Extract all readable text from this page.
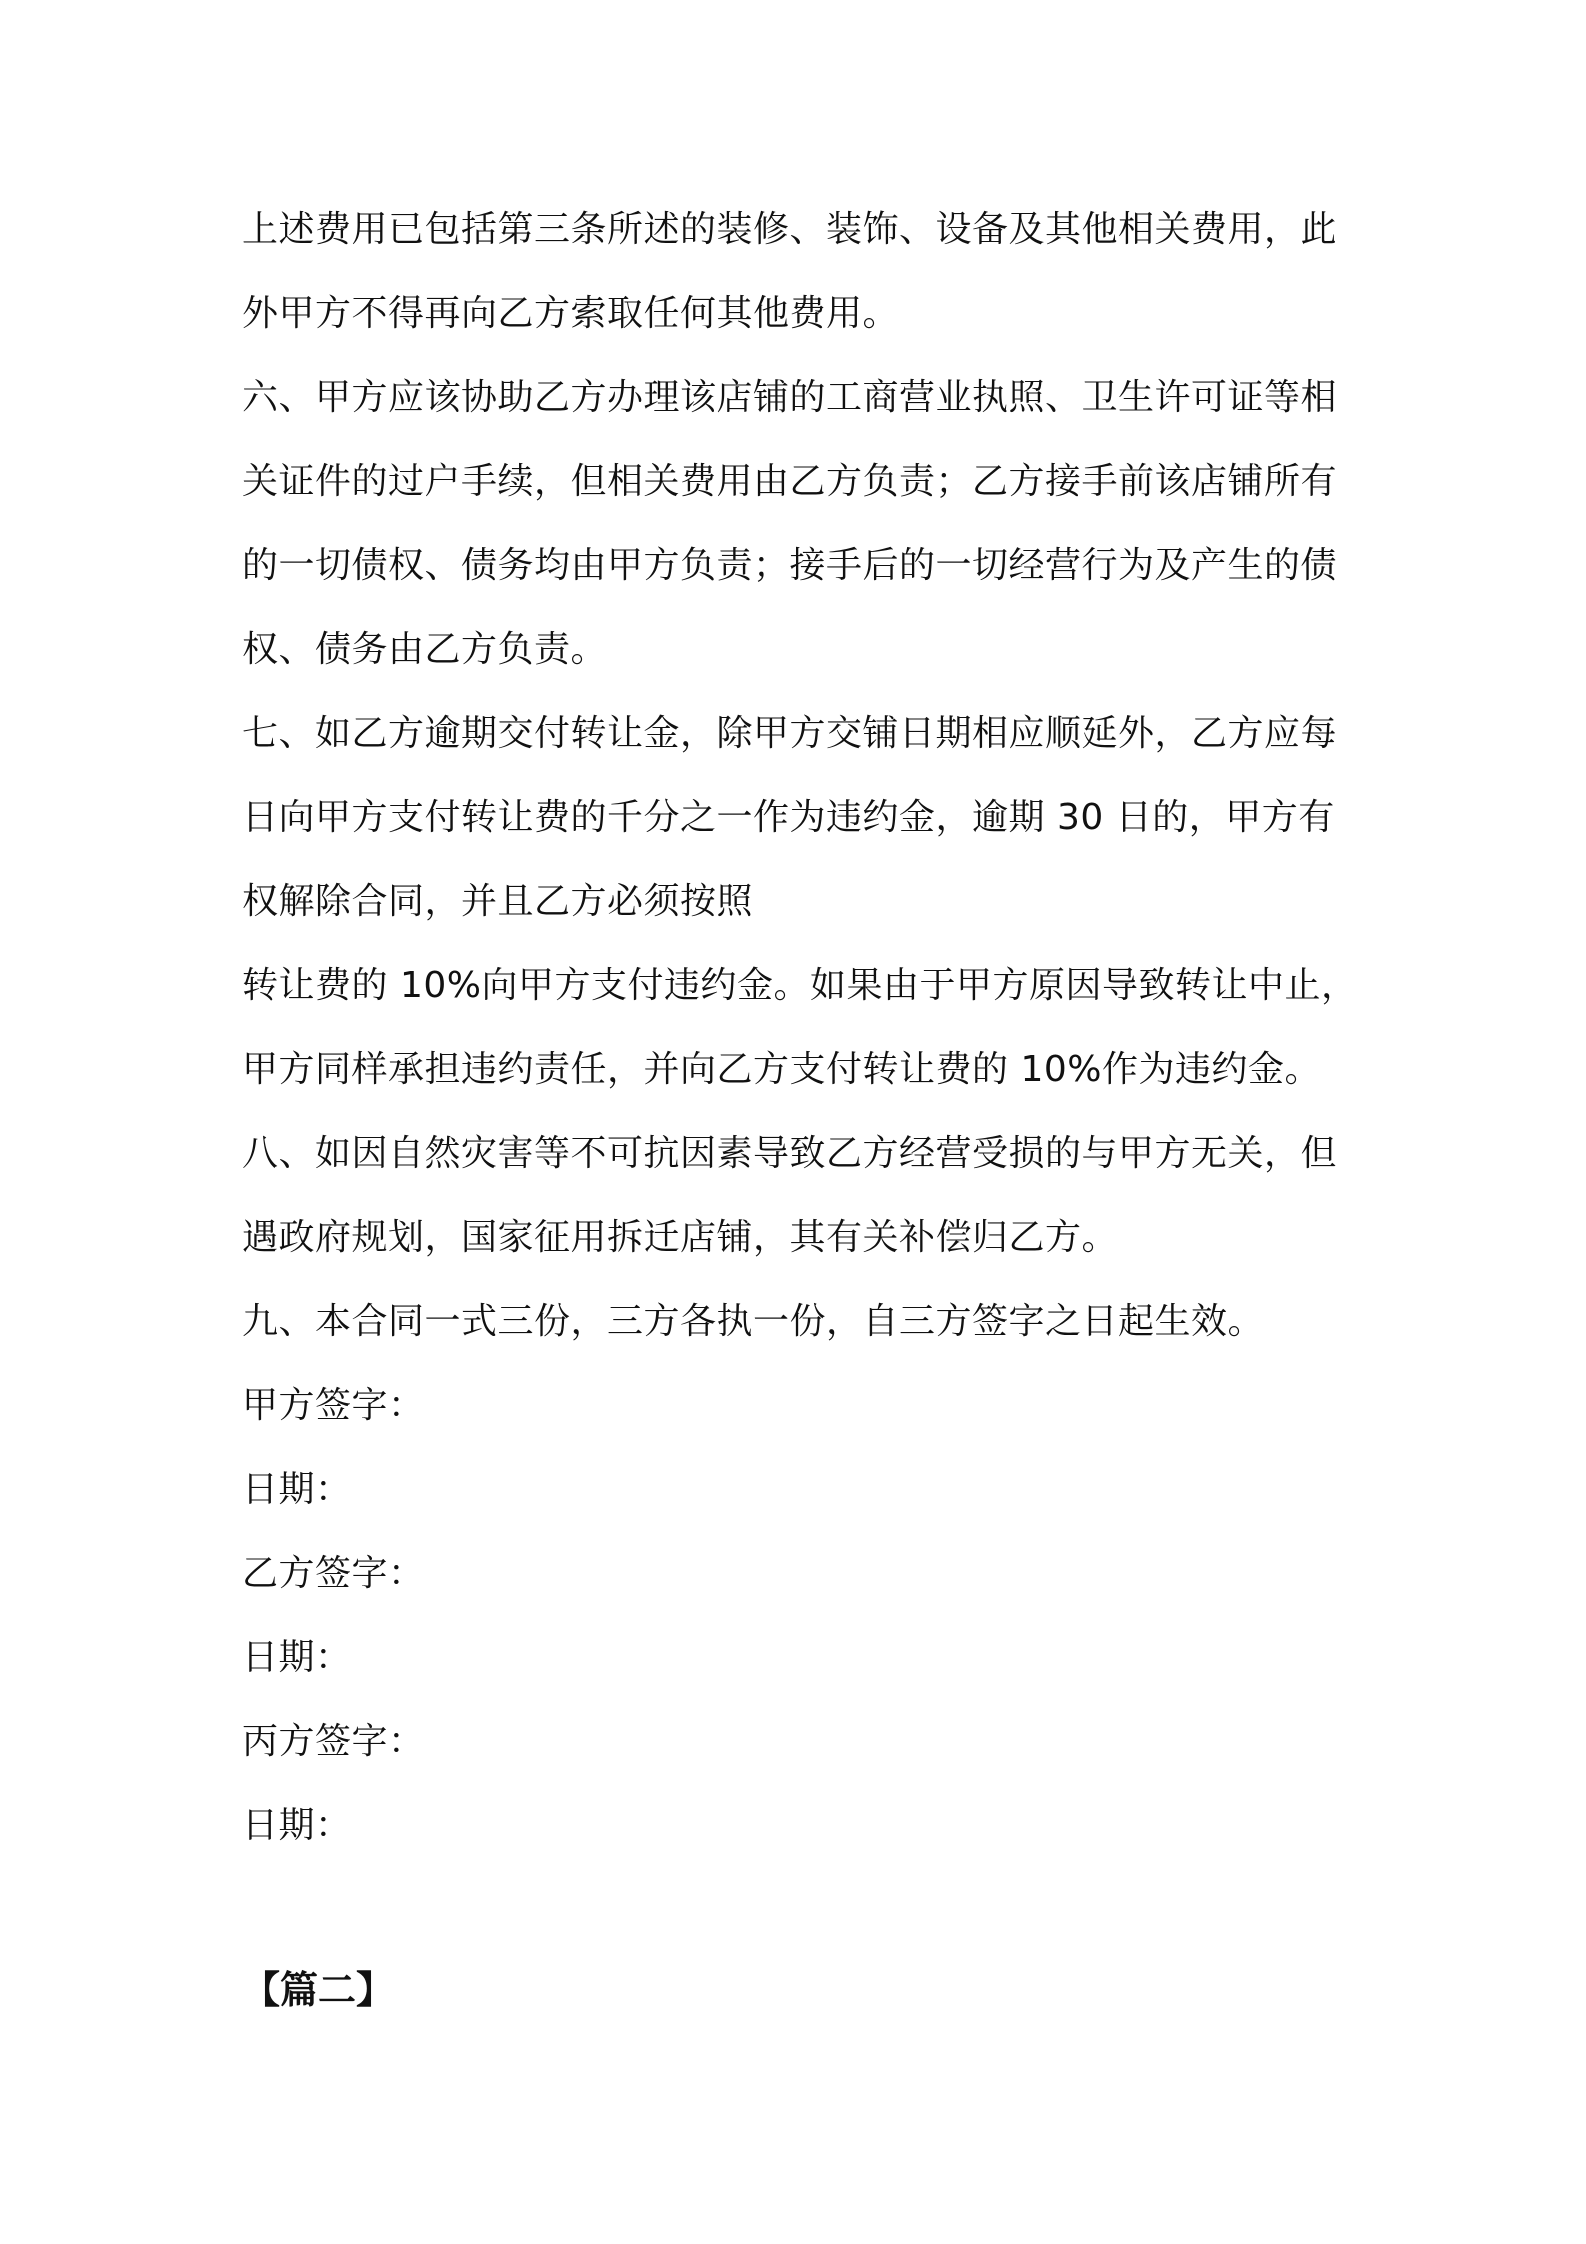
上述费用已包括第三条所述的装修、装饰、设备及其他相关费用，此
外甲方不得再向乙方索取任何其他费用。
六、甲方应该协助乙方办理该店铺的工商营业执照、卫生许可证等相
关证件的过户手续，但相关费用由乙方负责；乙方接手前该店铺所有
的一切债权、债务均由甲方负责；接手后的一切经营行为及产生的债
权、债务由乙方负责。
七、如乙方逾期交付转让金，除甲方交铺日期相应顺延外，乙方应每
日向甲方支付转让费的千分之一作为违约金，逾期 30 日的，甲方有
权解除合同，并且乙方必须按照
转让费的 10%向甲方支付违约金。如果由于甲方原因导致转让中止，
甲方同样承担违约责任，并向乙方支付转让费的 10%作为违约金。
八、如因自然灾害等不可抗因素导致乙方经营受损的与甲方无关，但
遇政府规划，国家征用拆迁店铺，其有关补偿归乙方。
九、本合同一式三份，三方各执一份，自三方签字之日起生效。
甲方签字：
日期：
乙方签字：
日期：
丙方签字：
日期：
【篇二】
